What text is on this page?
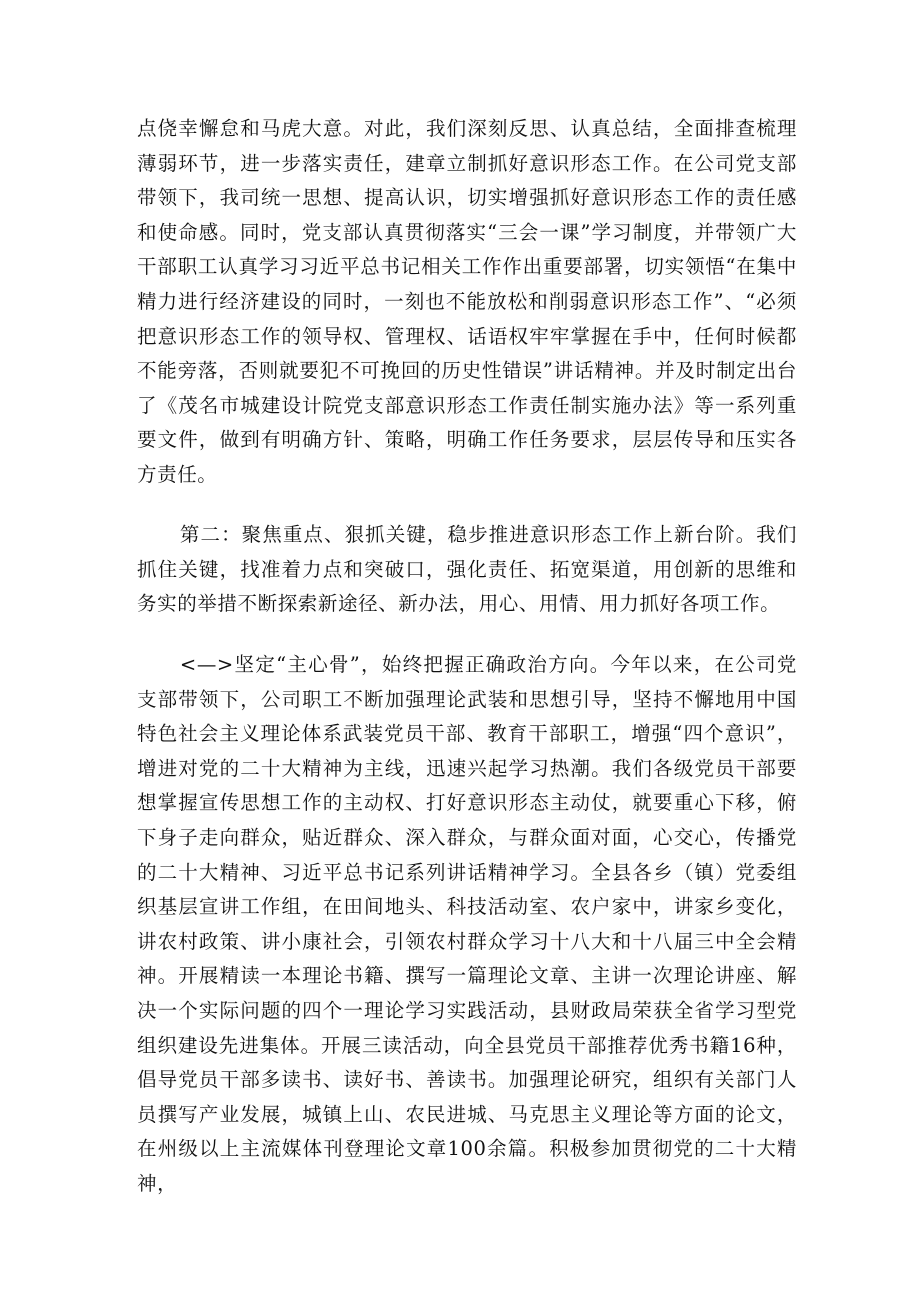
点侥幸懈怠和马虎大意。对此，我们深刻反思、认真总结，全面排查梳理薄弱环节，进一步落实责任，建章立制抓好意识形态工作。在公司党支部带领下，我司统一思想、提高认识，切实增强抓好意识形态工作的责任感和使命感。同时，党支部认真贯彻落实“三会一课”学习制度，并带领广大干部职工认真学习习近平总书记相关工作作出重要部署，切实领悟“在集中精力进行经济建设的同时，一刻也不能放松和削弱意识形态工作”、“必须把意识形态工作的领导权、管理权、话语权牢牢掌握在手中，任何时候都不能旁落，否则就要犯不可挽回的历史性错误”讲话精神。并及时制定出台了《茂名市城建设计院党支部意识形态工作责任制实施办法》等一系列重要文件，做到有明确方针、策略，明确工作任务要求，层层传导和压实各方责任。

第二：聚焦重点、狠抓关键，稳步推进意识形态工作上新台阶。我们抓住关键，找准着力点和突破口，强化责任、拓宽渠道，用创新的思维和务实的举措不断探索新途径、新办法，用心、用情、用力抓好各项工作。

<—>坚定“主心骨”，始终把握正确政治方向。今年以来，在公司党支部带领下，公司职工不断加强理论武装和思想引导，坚持不懈地用中国特色社会主义理论体系武装党员干部、教育干部职工，增强“四个意识”，增进对党的二十大精神为主线，迅速兴起学习热潮。我们各级党员干部要想掌握宣传思想工作的主动权、打好意识形态主动仗，就要重心下移，俯下身子走向群众，贴近群众、深入群众，与群众面对面，心交心，传播党的二十大精神、习近平总书记系列讲话精神学习。全县各乡（镇）党委组织基层宣讲工作组，在田间地头、科技活动室、农户家中，讲家乡变化，讲农村政策、讲小康社会，引领农村群众学习十八大和十八届三中全会精神。开展精读一本理论书籍、撰写一篇理论文章、主讲一次理论讲座、解决一个实际问题的四个一理论学习实践活动，县财政局荣获全省学习型党组织建设先进集体。开展三读活动，向全县党员干部推荐优秀书籍16种，倡导党员干部多读书、读好书、善读书。加强理论研究，组织有关部门人员撰写产业发展，城镇上山、农民进城、马克思主义理论等方面的论文，在州级以上主流媒体刊登理论文章100余篇。积极参加贯彻党的二十大精神，
